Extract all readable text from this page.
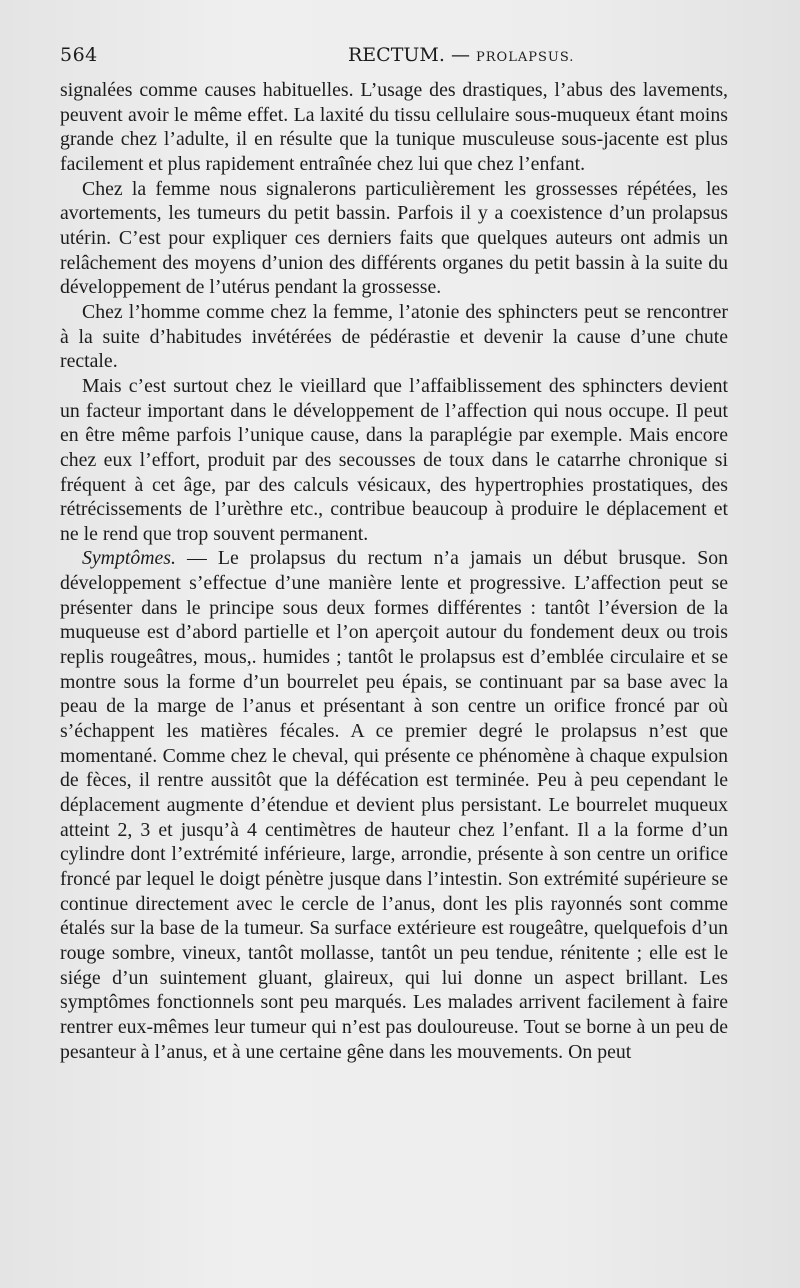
564	RECTUM. — PROLAPSUS.

signalées comme causes habituelles. L’usage des drastiques, l’abus des lavements, peuvent avoir le même effet. La laxité du tissu cellulaire sous-muqueux étant moins grande chez l’adulte, il en résulte que la tunique musculeuse sous-jacente est plus facilement et plus rapidement entraînée chez lui que chez l’enfant.

Chez la femme nous signalerons particulièrement les grossesses répétées, les avortements, les tumeurs du petit bassin. Parfois il y a coexistence d’un prolapsus utérin. C’est pour expliquer ces derniers faits que quelques auteurs ont admis un relâchement des moyens d’union des différents organes du petit bassin à la suite du développement de l’utérus pendant la grossesse.

Chez l’homme comme chez la femme, l’atonie des sphincters peut se rencontrer à la suite d’habitudes invétérées de pédérastie et devenir la cause d’une chute rectale.

Mais c’est surtout chez le vieillard que l’affaiblissement des sphincters devient un facteur important dans le développement de l’affection qui nous occupe. Il peut en être même parfois l’unique cause, dans la paraplégie par exemple. Mais encore chez eux l’effort, produit par des secousses de toux dans le catarrhe chronique si fréquent à cet âge, par des calculs vésicaux, des hypertrophies prostatiques, des rétrécissements de l’urèthre etc., contribue beaucoup à produire le déplacement et ne le rend que trop souvent permanent.

Symptômes. — Le prolapsus du rectum n’a jamais un début brusque. Son développement s’effectue d’une manière lente et progressive. L’affection peut se présenter dans le principe sous deux formes différentes : tantôt l’éversion de la muqueuse est d’abord partielle et l’on aperçoit autour du fondement deux ou trois replis rougeâtres, mous,. humides ; tantôt le prolapsus est d’emblée circulaire et se montre sous la forme d’un bourrelet peu épais, se continuant par sa base avec la peau de la marge de l’anus et présentant à son centre un orifice froncé par où s’échappent les matières fécales. A ce premier degré le prolapsus n’est que momentané. Comme chez le cheval, qui présente ce phénomène à chaque expulsion de fèces, il rentre aussitôt que la défécation est terminée. Peu à peu cependant le déplacement augmente d’étendue et devient plus persistant. Le bourrelet muqueux atteint 2, 3 et jusqu’à 4 centimètres de hauteur chez l’enfant. Il a la forme d’un cylindre dont l’extrémité inférieure, large, arrondie, présente à son centre un orifice froncé par lequel le doigt pénètre jusque dans l’intestin. Son extrémité supérieure se continue directement avec le cercle de l’anus, dont les plis rayonnés sont comme étalés sur la base de la tumeur. Sa surface extérieure est rougeâtre, quelquefois d’un rouge sombre, vineux, tantôt mollasse, tantôt un peu tendue, rénitente ; elle est le siége d’un suintement gluant, glaireux, qui lui donne un aspect brillant. Les symptômes fonctionnels sont peu marqués. Les malades arrivent facilement à faire rentrer eux-mêmes leur tumeur qui n’est pas douloureuse. Tout se borne à un peu de pesanteur à l’anus, et à une certaine gêne dans les mouvements. On peut
